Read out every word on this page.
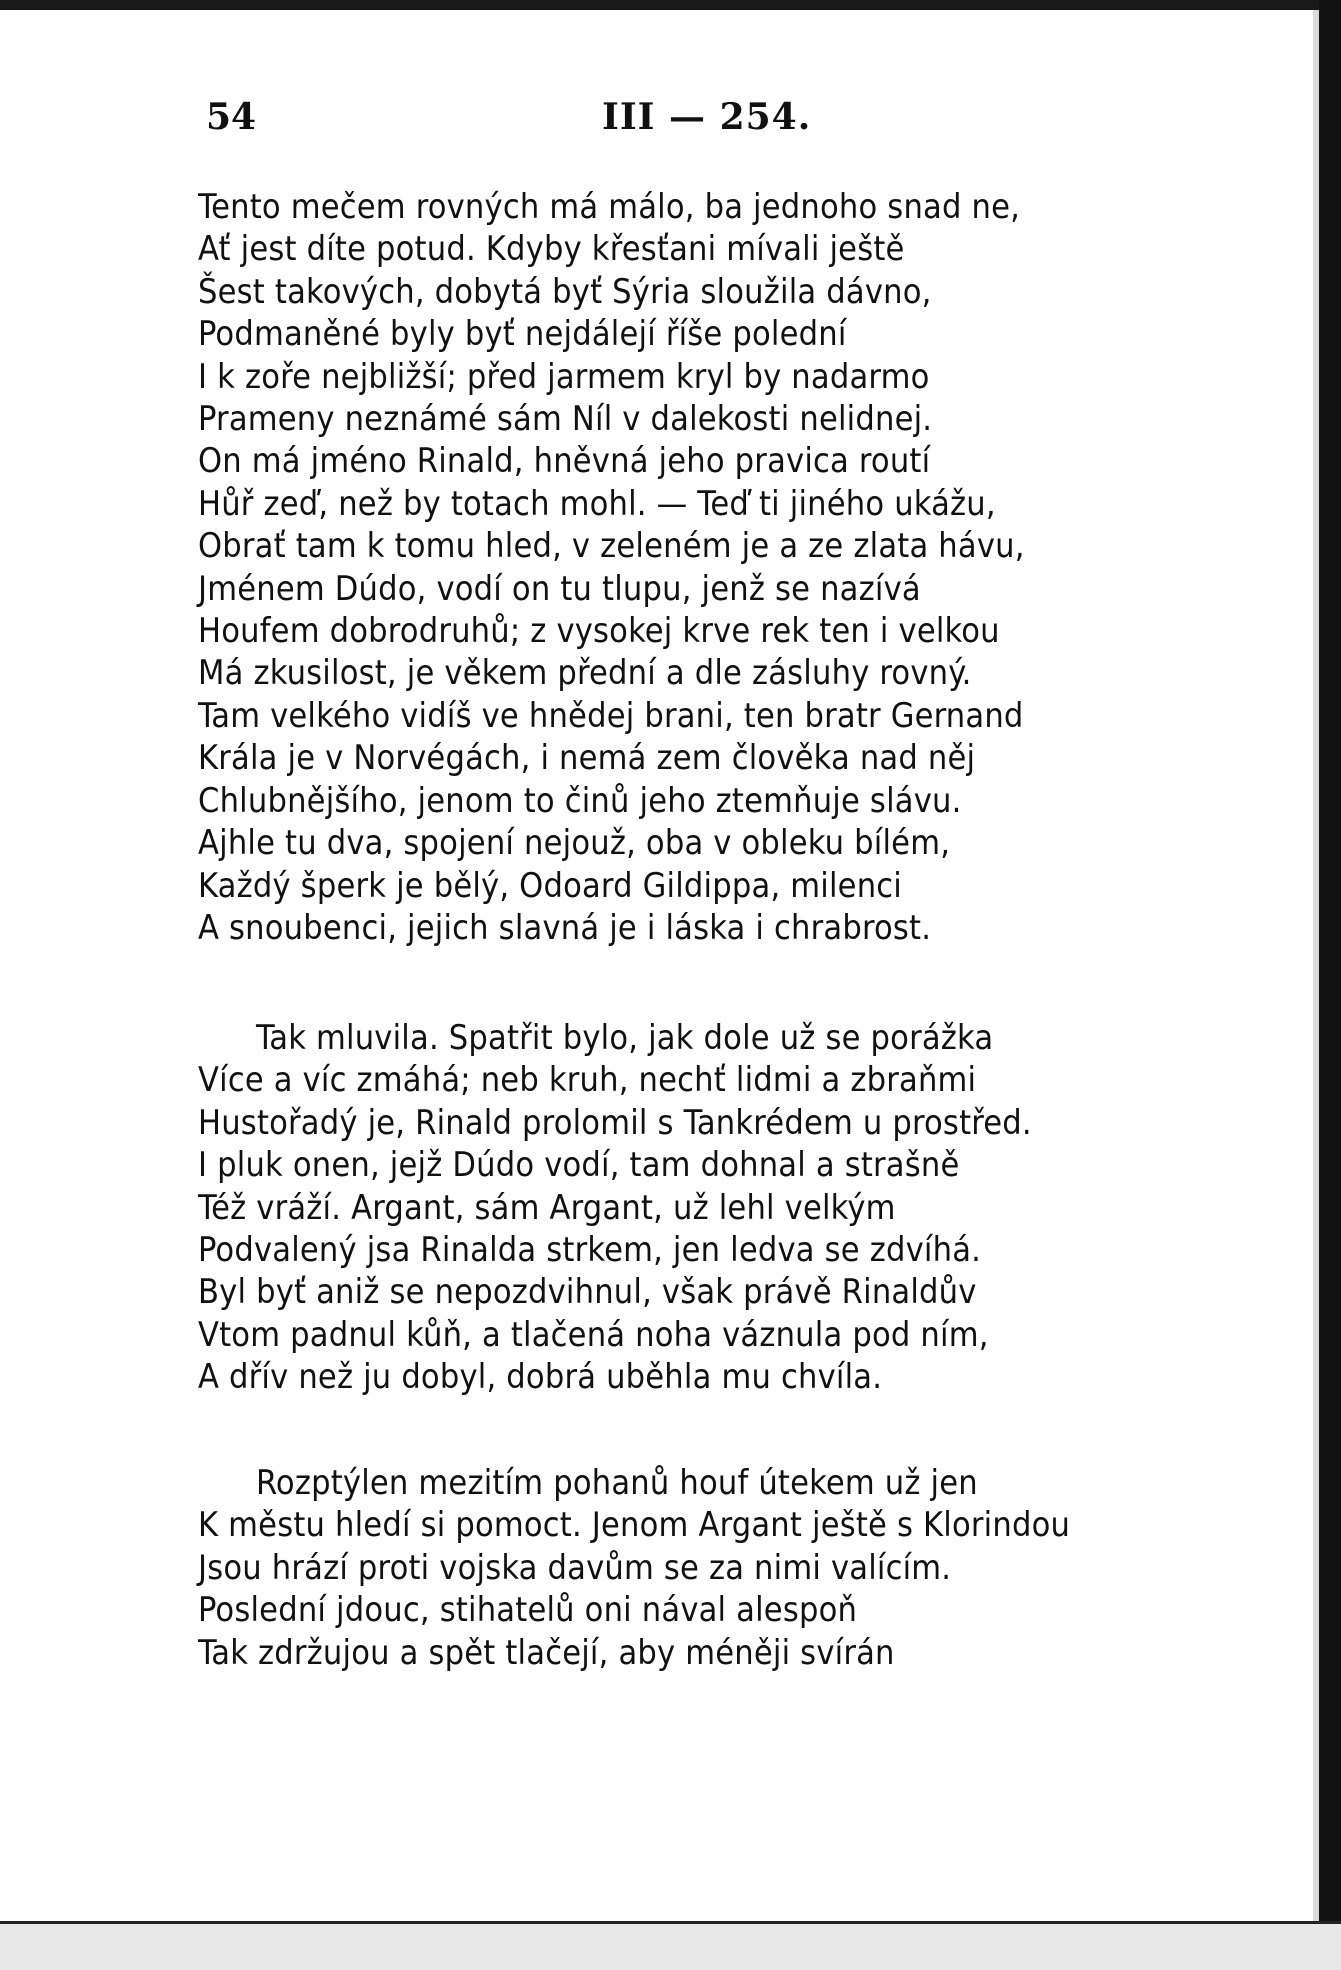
54	III — 254.
Tento mečem rovných má málo, ba jednoho snad ne,
Ať jest díte potud. Kdyby křesťani mívali ještě
Šest takových, dobytá byť Sýria sloužila dávno,
Podmaněné byly byť nejdálejí říše polední
I k zoře nejbližší; před jarmem kryl by nadarmo
Prameny neznámé sám Níl v dalekosti nelidnej.
On má jméno Rinald, hněvná jeho pravica routí
Hůř zeď, než by totach mohl. — Teď ti jiného ukážu,
Obrať tam k tomu hled, v zeleném je a ze zlata hávu,
Jménem Dúdo, vodí on tu tlupu, jenž se nazívá
Houfem dobrodruhů; z vysokej krve rek ten i velkou
Má zkusilost, je věkem přední a dle zásluhy rovný.
Tam velkého vidíš ve hnědej brani, ten bratr Gernand
Krála je v Norvégách, i nemá zem člověka nad něj
Chlubnějšího, jenom to činů jeho ztemňuje slávu.
Ajhle tu dva, spojení nejouž, oba v obleku bílém,
Každý šperk je bělý, Odoard Gildippa, milenci
A snoubenci, jejich slavná je i láska i chrabrost.
Tak mluvila. Spatřit bylo, jak dole už se porážka
Více a víc zmáhá; neb kruh, nechť lidmi a zbraňmi
Hustořadý je, Rinald prolomil s Tankrédem u prostřed.
I pluk onen, jejž Dúdo vodí, tam dohnal a strašně
Též vráží. Argant, sám Argant, už lehl velkým
Podvalený jsa Rinalda strkem, jen ledva se zdvíhá.
Byl byť aniž se nepozdvihnul, však právě Rinaldův
Vtom padnul kůň, a tlačená noha váznula pod ním,
A dřív než ju dobyl, dobrá uběhla mu chvíla.
Rozptýlen mezitím pohanů houf útekem už jen
K městu hledí si pomoct. Jenom Argant ještě s Klorindou
Jsou hrází proti vojska davům se za nimi valícím.
Poslední jdouc, stihatelů oni nával alespoň
Tak zdržujou a spět tlačejí, aby méněji svírán
